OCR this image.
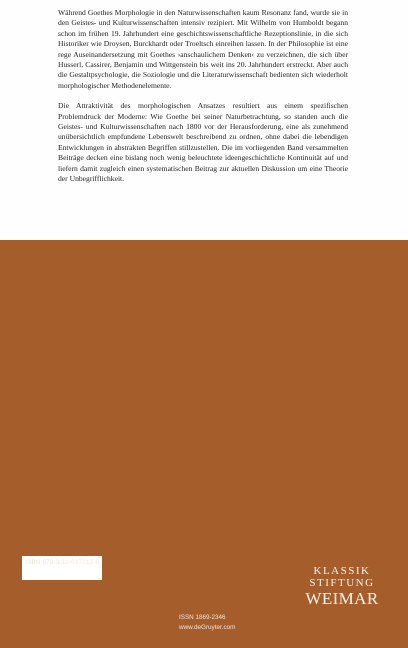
Während Goethes Morphologie in den Naturwissenschaften kaum Resonanz fand, wurde sie in den Geistes- und Kulturwissenschaften intensiv rezipiert. Mit Wilhelm von Humboldt begann schon im frühen 19. Jahrhundert eine geschichtswissenschaftliche Rezeptionslinie, in die sich Historiker wie Droysen, Burckhardt oder Troeltsch einreihen lassen. In der Philosophie ist eine rege Auseinandersetzung mit Goethes ›anschaulichem Denken‹ zu verzeichnen, die sich über Husserl, Cassirer, Benjamin und Wittgenstein bis weit ins 20. Jahrhundert erstreckt. Aber auch die Gestaltpsychologie, die Soziologie und die Literaturwissenschaft bedienten sich wiederholt morphologischer Methodenelemente.

Die Attraktivität des morphologischen Ansatzes resultiert aus einem spezifischen Problemdruck der Moderne: Wie Goethe bei seiner Naturbetrachtung, so standen auch die Geistes- und Kulturwissenschaften nach 1800 vor der Herausforderung, eine als zunehmend unübersichtlich empfundene Lebenswelt beschreibend zu ordnen, ohne dabei die lebendigen Entwicklungen in abstrakten Begriffen stillzustellen. Die im vorliegenden Band versammelten Beiträge decken eine bislang noch wenig beleuchtete ideengeschichtliche Kontinuität auf und liefern damit zugleich einen systematischen Beitrag zur aktuellen Diskussion um eine Theorie der Unbegrifflichkeit.

ISBN 978-3-11-037212-0
ISSN 1869-2346
www.deGruyter.com
KLASSIK
STIFTUNG
WEIMAR
